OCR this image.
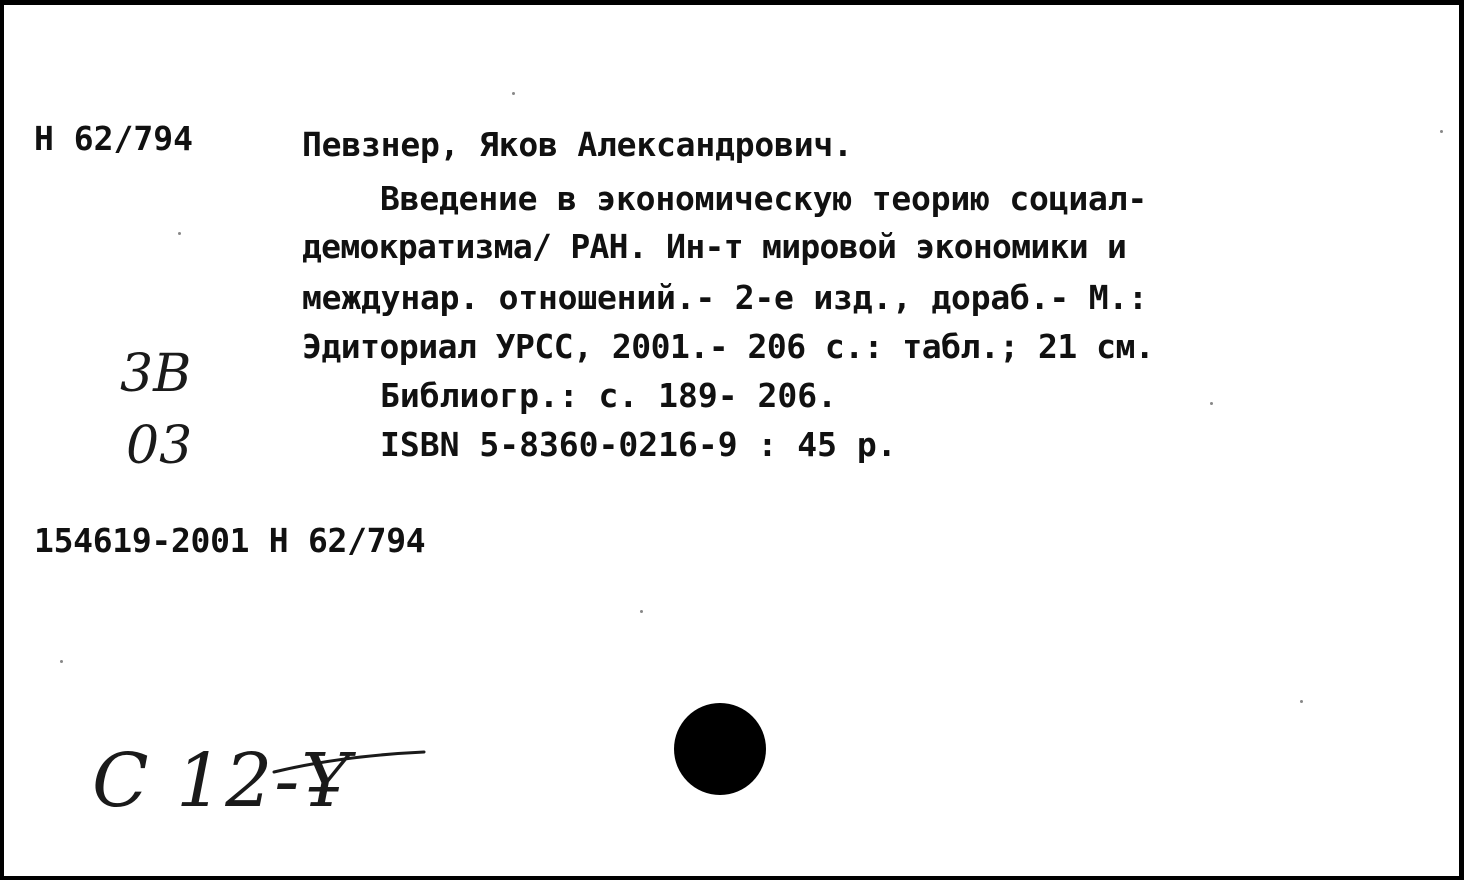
Н 62/794	Певзнер, Яков Александрович.
Введение в экономическую теорию социал-
демократизма/ РАН. Ин-т мировой экономики и
междунар. отношений.- 2-е изд., дораб.- М.:
Эдиториал УРСС, 2001.- 206 с.: табл.; 21 см.
Библиогр.: с. 189- 206.
ISBN 5-8360-0216-9 : 45 р.
3В
03
154619-2001 Н 62/794
С 12-Ұ
